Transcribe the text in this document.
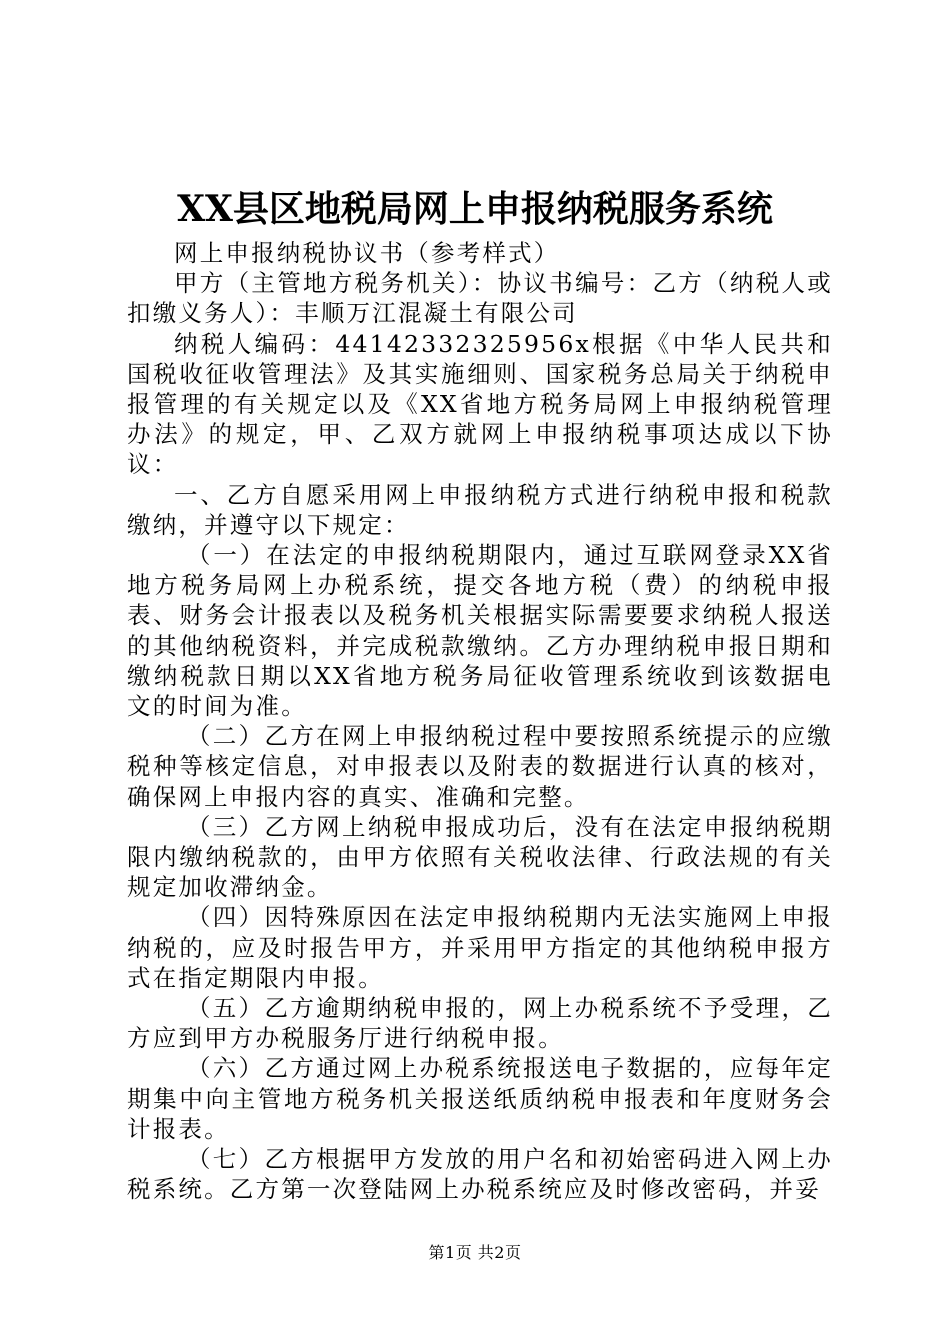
XX县区地税局网上申报纳税服务系统

网上申报纳税协议书（参考样式）

甲方（主管地方税务机关）：协议书编号：乙方（纳税人或扣缴义务人）：丰顺万江混凝土有限公司

纳税人编码：44142332325956x根据《中华人民共和国税收征收管理法》及其实施细则、国家税务总局关于纳税申报管理的有关规定以及《XX省地方税务局网上申报纳税管理办法》的规定，甲、乙双方就网上申报纳税事项达成以下协议：

一、乙方自愿采用网上申报纳税方式进行纳税申报和税款缴纳，并遵守以下规定：

（一）在法定的申报纳税期限内，通过互联网登录XX省地方税务局网上办税系统，提交各地方税（费）的纳税申报表、财务会计报表以及税务机关根据实际需要要求纳税人报送的其他纳税资料，并完成税款缴纳。乙方办理纳税申报日期和缴纳税款日期以XX省地方税务局征收管理系统收到该数据电文的时间为准。

（二）乙方在网上申报纳税过程中要按照系统提示的应缴税种等核定信息，对申报表以及附表的数据进行认真的核对，确保网上申报内容的真实、准确和完整。

（三）乙方网上纳税申报成功后，没有在法定申报纳税期限内缴纳税款的，由甲方依照有关税收法律、行政法规的有关规定加收滞纳金。

（四）因特殊原因在法定申报纳税期内无法实施网上申报纳税的，应及时报告甲方，并采用甲方指定的其他纳税申报方式在指定期限内申报。

（五）乙方逾期纳税申报的，网上办税系统不予受理，乙方应到甲方办税服务厅进行纳税申报。

（六）乙方通过网上办税系统报送电子数据的，应每年定期集中向主管地方税务机关报送纸质纳税申报表和年度财务会计报表。

（七）乙方根据甲方发放的用户名和初始密码进入网上办税系统。乙方第一次登陆网上办税系统应及时修改密码，并妥

第1页 共2页
